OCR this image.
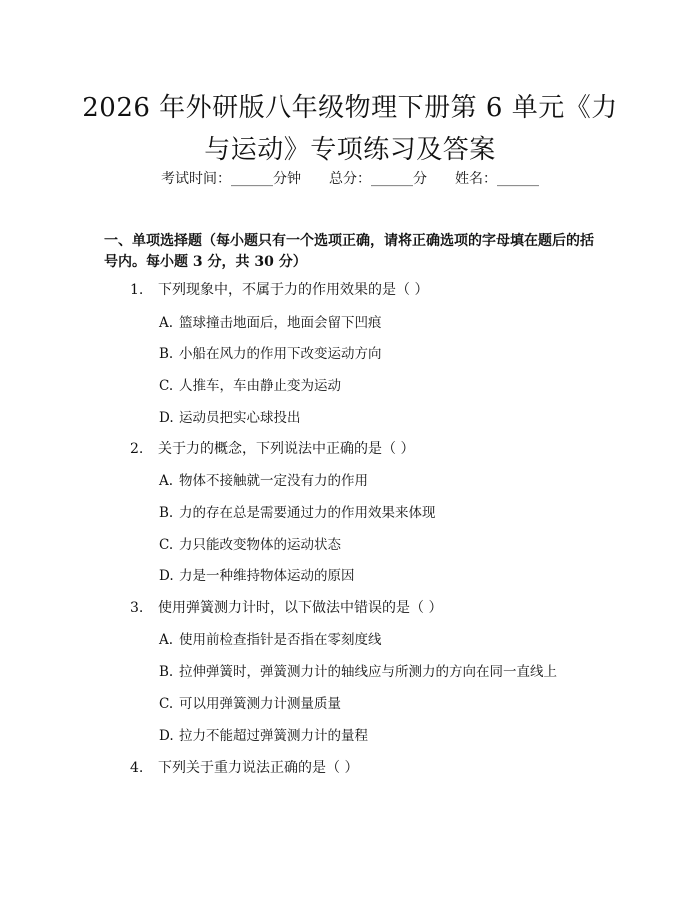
2026 年外研版八年级物理下册第 6 单元《力
与运动》专项练习及答案
考试时间：______分钟 总分：______分 姓名：______
一、单项选择题（每小题只有一个选项正确，请将正确选项的字母填在题后的括
号内。每小题 3 分，共 30 分）
1. 下列现象中，不属于力的作用效果的是（ ）
A. 篮球撞击地面后，地面会留下凹痕
B. 小船在风力的作用下改变运动方向
C. 人推车，车由静止变为运动
D. 运动员把实心球投出
2. 关于力的概念，下列说法中正确的是（ ）
A. 物体不接触就一定没有力的作用
B. 力的存在总是需要通过力的作用效果来体现
C. 力只能改变物体的运动状态
D. 力是一种维持物体运动的原因
3. 使用弹簧测力计时，以下做法中错误的是（ ）
A. 使用前检查指针是否指在零刻度线
B. 拉伸弹簧时，弹簧测力计的轴线应与所测力的方向在同一直线上
C. 可以用弹簧测力计测量质量
D. 拉力不能超过弹簧测力计的量程
4. 下列关于重力说法正确的是（ ）
